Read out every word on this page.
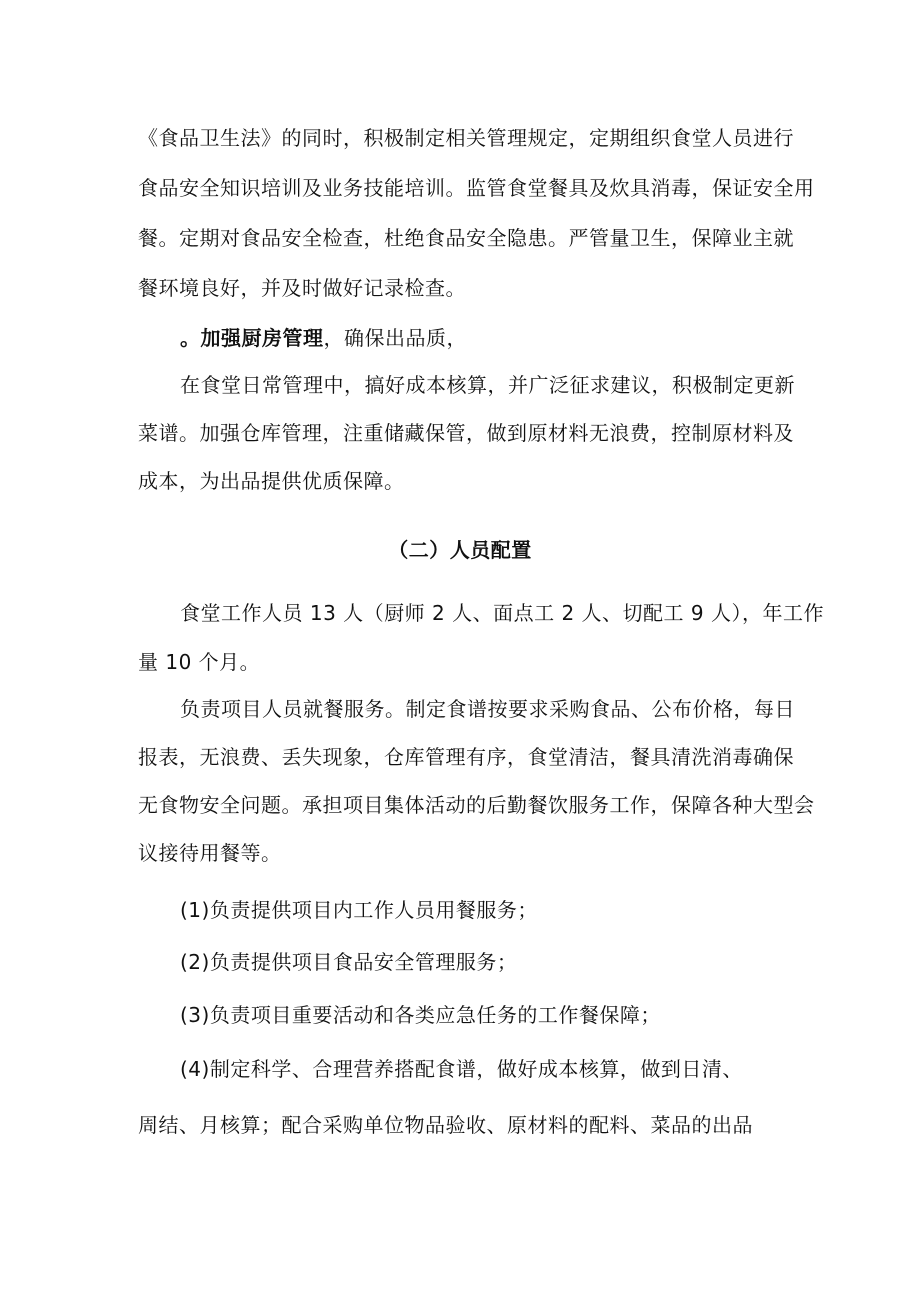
《食品卫生法》的同时，积极制定相关管理规定，定期组织食堂人员进行
食品安全知识培训及业务技能培训。监管食堂餐具及炊具消毒，保证安全用
餐。定期对食品安全检查，杜绝食品安全隐患。严管量卫生，保障业主就
餐环境良好，并及时做好记录检查。
。加强厨房管理，确保出品质，
在食堂日常管理中，搞好成本核算，并广泛征求建议，积极制定更新
菜谱。加强仓库管理，注重储藏保管，做到原材料无浪费，控制原材料及
成本，为出品提供优质保障。
（二）人员配置
食堂工作人员 13 人（厨师 2 人、面点工 2 人、切配工 9 人），年工作
量 10 个月。
负责项目人员就餐服务。制定食谱按要求采购食品、公布价格，每日
报表，无浪费、丢失现象，仓库管理有序，食堂清洁，餐具清洗消毒确保
无食物安全问题。承担项目集体活动的后勤餐饮服务工作，保障各种大型会
议接待用餐等。
(1)负责提供项目内工作人员用餐服务；
(2)负责提供项目食品安全管理服务；
(3)负责项目重要活动和各类应急任务的工作餐保障；
(4)制定科学、合理营养搭配食谱，做好成本核算，做到日清、
周结、月核算；配合采购单位物品验收、原材料的配料、菜品的出品
